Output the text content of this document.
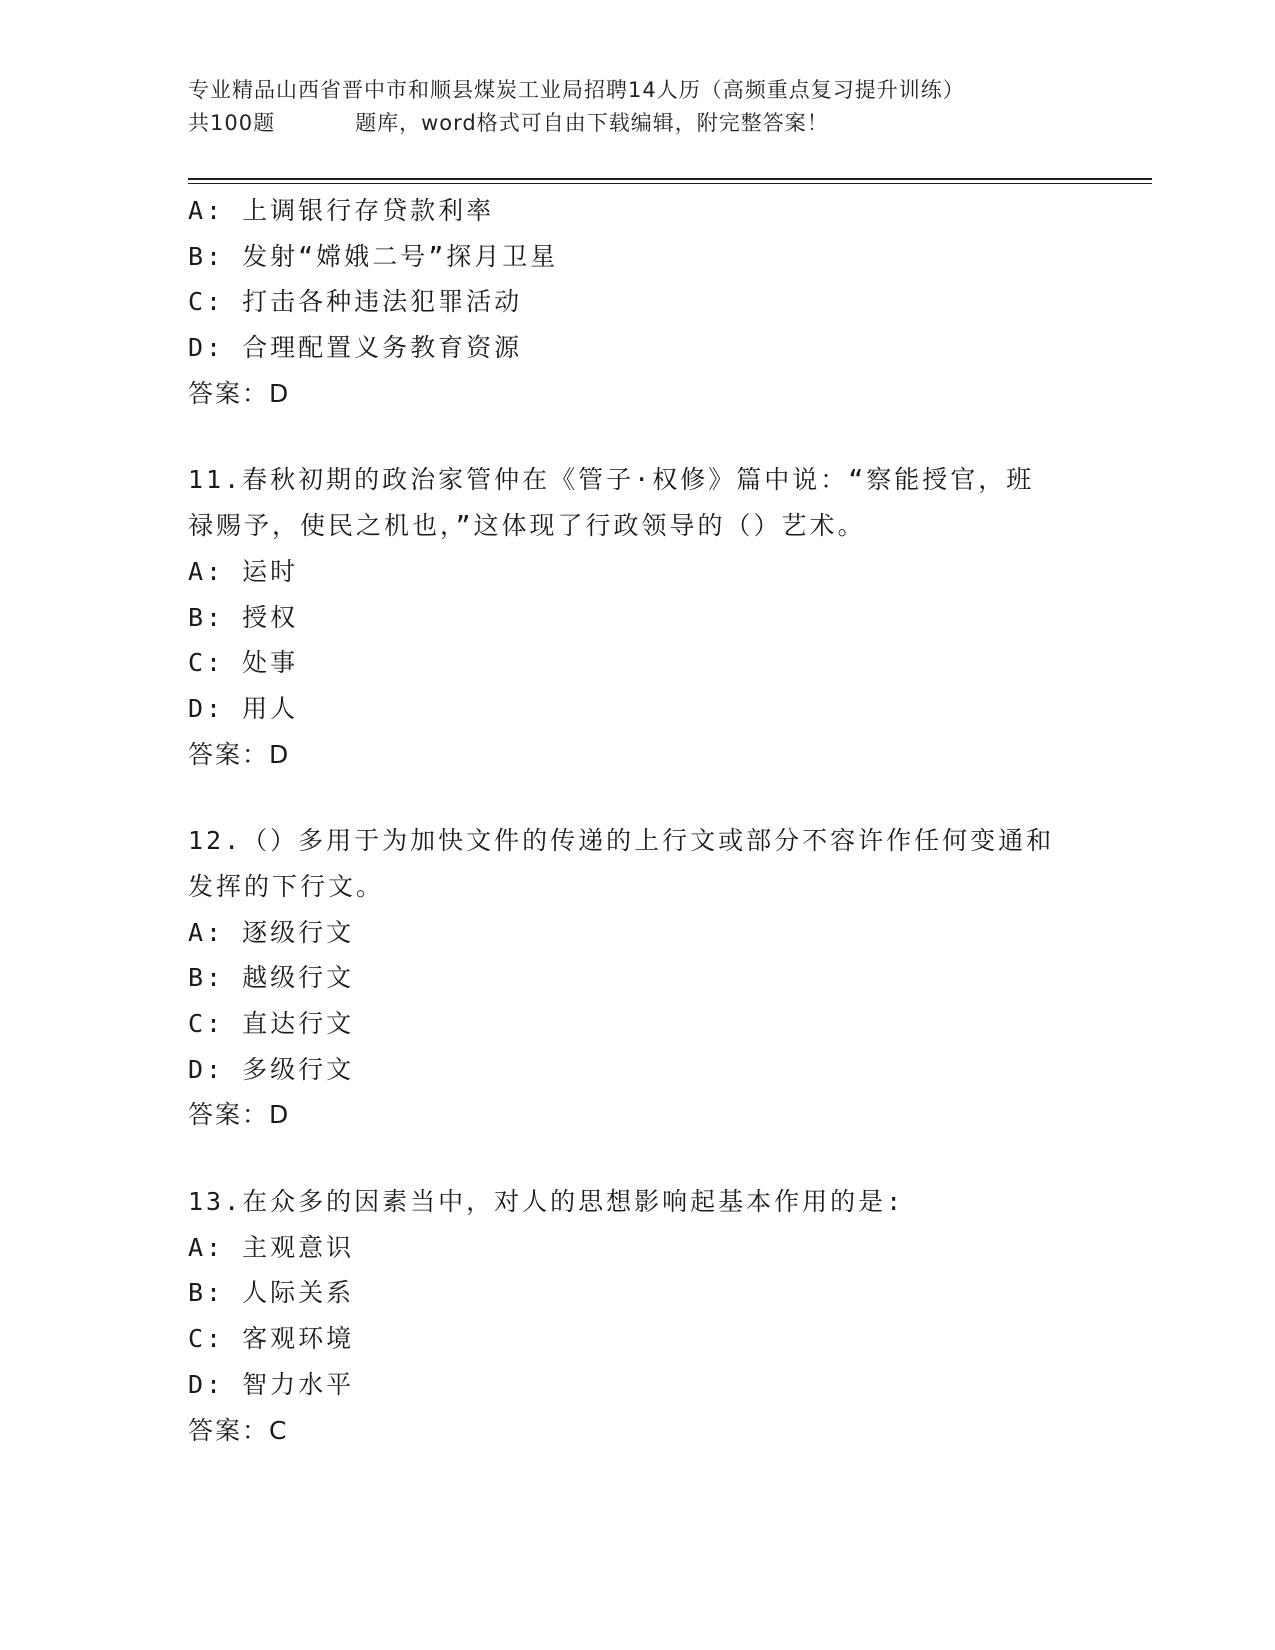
专业精品山西省晋中市和顺县煤炭工业局招聘14人历（高频重点复习提升训练）
共100题	题库，word格式可自由下载编辑，附完整答案！
A: 上调银行存贷款利率
B: 发射“嫦娥二号”探月卫星
C: 打击各种违法犯罪活动
D: 合理配置义务教育资源
答案：D
11.春秋初期的政治家管仲在《管子·权修》篇中说：“察能授官，班
禄赐予，使民之机也，”这体现了行政领导的（）艺术。
A: 运时
B: 授权
C: 处事
D: 用人
答案：D
12.（）多用于为加快文件的传递的上行文或部分不容许作任何变通和
发挥的下行文。
A: 逐级行文
B: 越级行文
C: 直达行文
D: 多级行文
答案：D
13.在众多的因素当中，对人的思想影响起基本作用的是:
A: 主观意识
B: 人际关系
C: 客观环境
D: 智力水平
答案：C
